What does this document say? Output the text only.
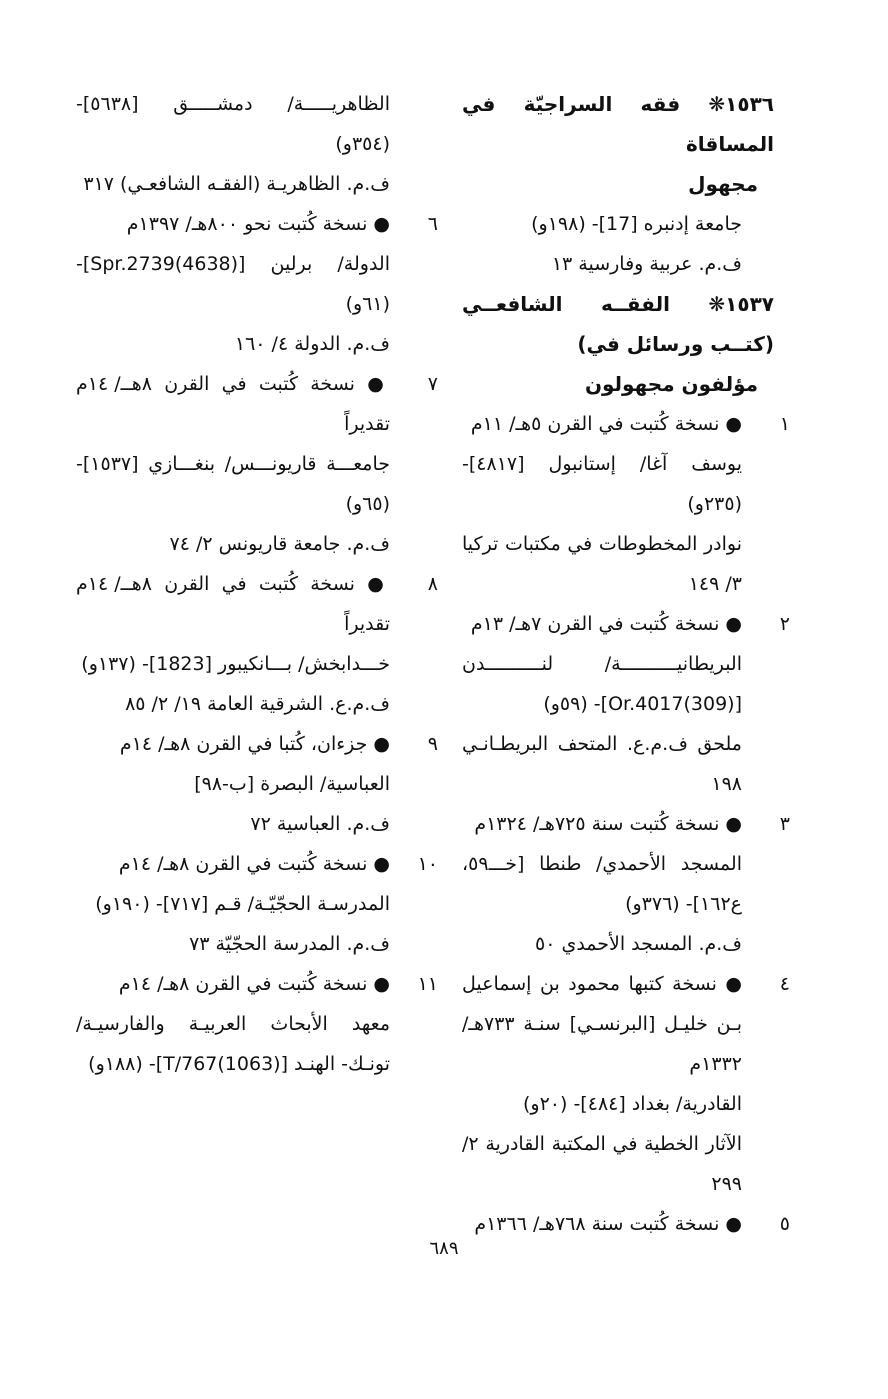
١٥٣٦❋ فقه السراجيّة في المساقاة
مجهول
جامعة إدنبره [17]- (١٩٨و)
ف.م. عربية وفارسية ١٣
١٥٣٧❋ الفقــه الشافعــي (كتــب ورسائل في)
مؤلفون مجهولون
١
● نسخة كُتبت في القرن ٥هـ/ ١١م
يوسف آغا/ إستانبول [٤٨١٧]- (٢٣٥و)
نوادر المخطوطات في مكتبات تركيا ٣/ ١٤٩
٢
● نسخة كُتبت في القرن ٧هـ/ ١٣م
البريطانيــــــــــة/ لنــــــــــدن [(309)Or.4017]- (٥٩و)
ملحق ف.م.ع. المتحف البريطـانـي ١٩٨
٣
● نسخة كُتبت سنة ٧٢٥هـ/ ١٣٢٤م
المسجد الأحمدي/ طنطا [خـــ٥٩، ع١٦٢]- (٣٧٦و)
ف.م. المسجد الأحمدي ٥٠
٤
● نسخة كتبها محمود بن إسماعيل بـن خليـل [البرنسـي] سنـة ٧٣٣هـ/ ١٣٣٢م
القادرية/ بغداد [٤٨٤]- (٢٠و)
الآثار الخطية في المكتبة القادرية ٢/ ٢٩٩
٥
● نسخة كُتبت سنة ٧٦٨هـ/ ١٣٦٦م
الظاهريـــــة/ دمشـــــق [٥٦٣٨]- (٣٥٤و)
ف.م. الظاهريـة (الفقـه الشافعـي) ٣١٧
٦
● نسخة كُتبت نحو ٨٠٠هـ/ ١٣٩٧م
الدولة/ برلين [Spr.2739(4638)]- (٦١و)
ف.م. الدولة ٤/ ١٦٠
٧
● نسخة كُتبت في القرن ٨هــ/ ١٤م تقديراً
جامعـــة قاريونـــس/ بنغـــازي [١٥٣٧]- (٦٥و)
ف.م. جامعة قاريونس ٢/ ٧٤
٨
● نسخة كُتبت في القرن ٨هــ/ ١٤م تقديراً
خـــدابخش/ بـــانكيبور [1823]- (١٣٧و)
ف.م.ع. الشرقية العامة ١٩/ ٢/ ٨٥
٩
● جزءان، كُتبا في القرن ٨هـ/ ١٤م
العباسية/ البصرة [ب-٩٨]
ف.م. العباسية ٧٢
١٠
● نسخة كُتبت في القرن ٨هـ/ ١٤م
المدرسـة الحجّيّـة/ قـم [٧١٧]- (١٩٠و)
ف.م. المدرسة الحجّيّة ٧٣
١١
● نسخة كُتبت في القرن ٨هـ/ ١٤م
معهد الأبحاث العربيـة والفارسيـة/ تونـك- الهنـد [T/767(1063)]- (١٨٨و)
٦٨٩
